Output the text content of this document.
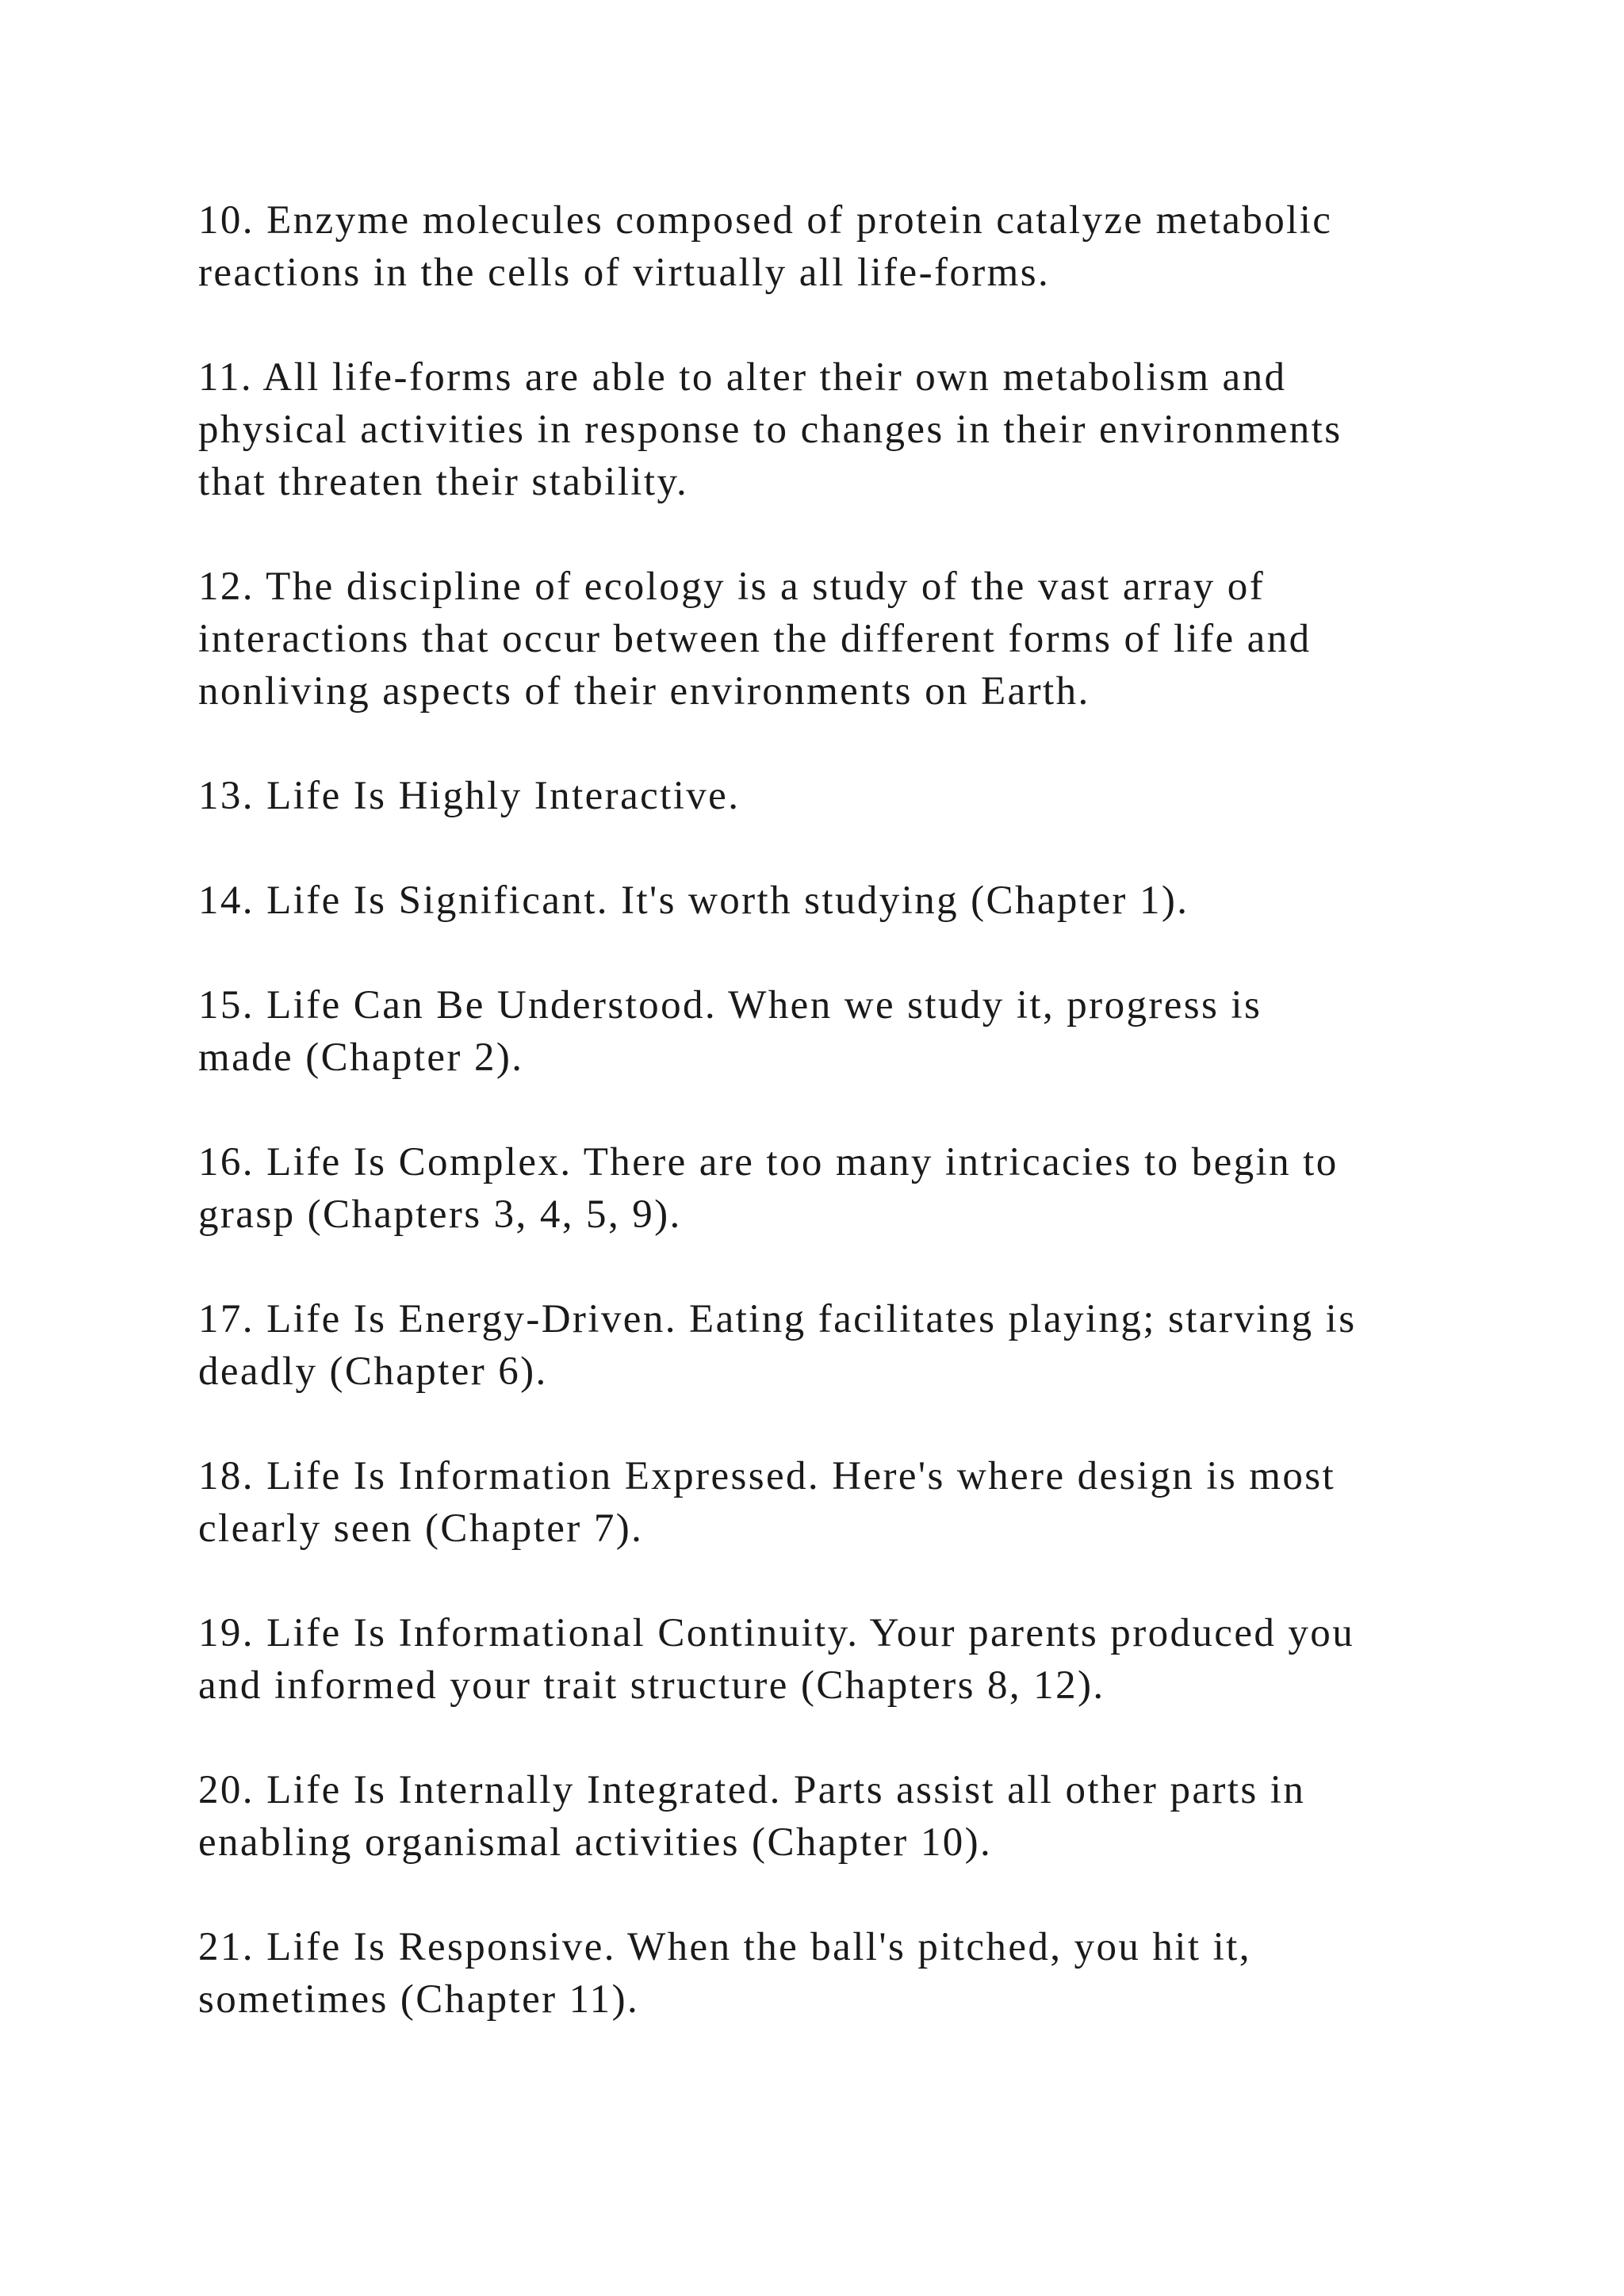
10. Enzyme molecules composed of protein catalyze metabolic
reactions in the cells of virtually all life-forms.

11. All life-forms are able to alter their own metabolism and
physical activities in response to changes in their environments
that threaten their stability.

12. The discipline of ecology is a study of the vast array of
interactions that occur between the different forms of life and
nonliving aspects of their environments on Earth.

13. Life Is Highly Interactive.

14. Life Is Significant. It's worth studying (Chapter 1).

15. Life Can Be Understood. When we study it, progress is
made (Chapter 2).

16. Life Is Complex. There are too many intricacies to begin to
grasp (Chapters 3, 4, 5, 9).

17. Life Is Energy-Driven. Eating facilitates playing; starving is
deadly (Chapter 6).

18. Life Is Information Expressed. Here's where design is most
clearly seen (Chapter 7).

19. Life Is Informational Continuity. Your parents produced you
and informed your trait structure (Chapters 8, 12).

20. Life Is Internally Integrated. Parts assist all other parts in
enabling organismal activities (Chapter 10).

21. Life Is Responsive. When the ball's pitched, you hit it,
sometimes (Chapter 11).
